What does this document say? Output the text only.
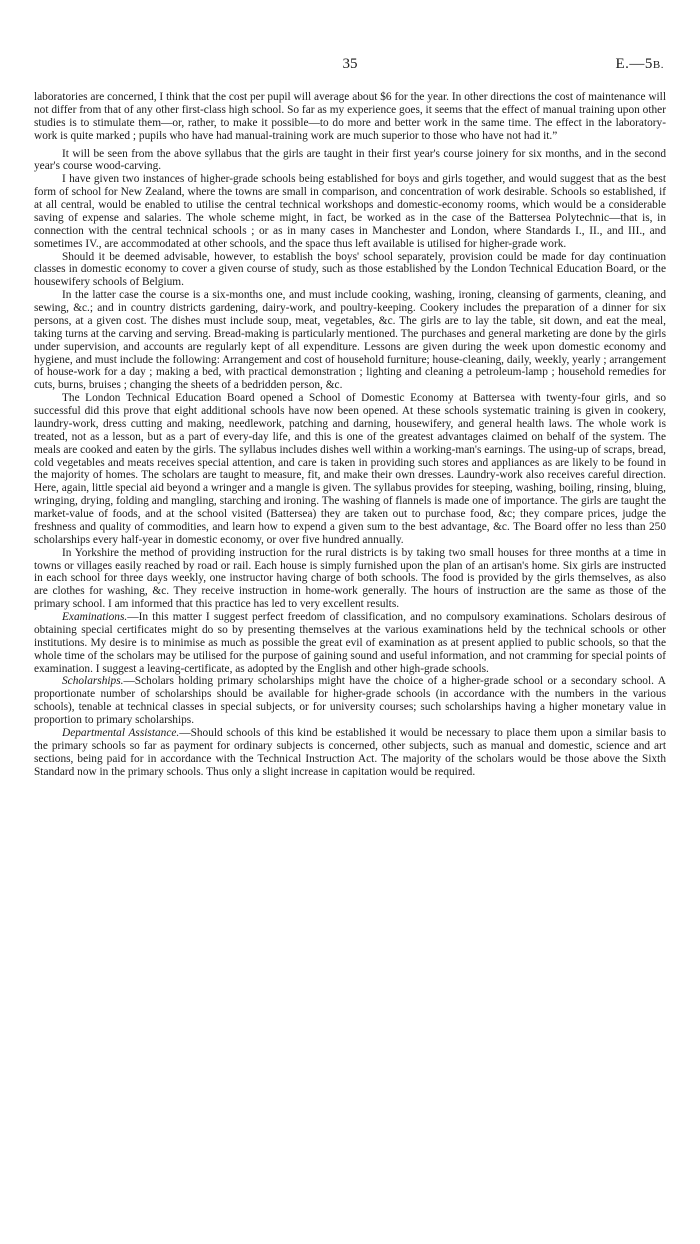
35	E.—5B.

laboratories are concerned, I think that the cost per pupil will average about $6 for the year. In other directions the cost of maintenance will not differ from that of any other first-class high school. So far as my experience goes, it seems that the effect of manual training upon other studies is to stimulate them—or, rather, to make it possible—to do more and better work in the same time. The effect in the laboratory-work is quite marked ; pupils who have had manual-training work are much superior to those who have not had it.”

It will be seen from the above syllabus that the girls are taught in their first year's course joinery for six months, and in the second year's course wood-carving.

I have given two instances of higher-grade schools being established for boys and girls together, and would suggest that as the best form of school for New Zealand, where the towns are small in comparison, and concentration of work desirable. Schools so established, if at all central, would be enabled to utilise the central technical workshops and domestic-economy rooms, which would be a considerable saving of expense and salaries. The whole scheme might, in fact, be worked as in the case of the Battersea Polytechnic—that is, in connection with the central technical schools ; or as in many cases in Manchester and London, where Standards I., II., and III., and sometimes IV., are accommodated at other schools, and the space thus left available is utilised for higher-grade work.

Should it be deemed advisable, however, to establish the boys' school separately, provision could be made for day continuation classes in domestic economy to cover a given course of study, such as those established by the London Technical Education Board, or the housewifery schools of Belgium.

In the latter case the course is a six-months one, and must include cooking, washing, ironing, cleansing of garments, cleaning, and sewing, &c.; and in country districts gardening, dairy-work, and poultry-keeping. Cookery includes the preparation of a dinner for six persons, at a given cost. The dishes must include soup, meat, vegetables, &c. The girls are to lay the table, sit down, and eat the meal, taking turns at the carving and serving. Bread-making is particularly mentioned. The purchases and general marketing are done by the girls under supervision, and accounts are regularly kept of all expenditure. Lessons are given during the week upon domestic economy and hygiene, and must include the following: Arrangement and cost of household furniture; house-cleaning, daily, weekly, yearly ; arrangement of house-work for a day ; making a bed, with practical demonstration ; lighting and cleaning a petroleum-lamp ; household remedies for cuts, burns, bruises ; changing the sheets of a bedridden person, &c.

The London Technical Education Board opened a School of Domestic Economy at Battersea with twenty-four girls, and so successful did this prove that eight additional schools have now been opened. At these schools systematic training is given in cookery, laundry-work, dress cutting and making, needlework, patching and darning, housewifery, and general health laws. The whole work is treated, not as a lesson, but as a part of every-day life, and this is one of the greatest advantages claimed on behalf of the system. The meals are cooked and eaten by the girls. The syllabus includes dishes well within a working-man's earnings. The using-up of scraps, bread, cold vegetables and meats receives special attention, and care is taken in providing such stores and appliances as are likely to be found in the majority of homes. The scholars are taught to measure, fit, and make their own dresses. Laundry-work also receives careful direction. Here, again, little special aid beyond a wringer and a mangle is given. The syllabus provides for steeping, washing, boiling, rinsing, bluing, wringing, drying, folding and mangling, starching and ironing. The washing of flannels is made one of importance. The girls are taught the market-value of foods, and at the school visited (Battersea) they are taken out to purchase food, &c; they compare prices, judge the freshness and quality of commodities, and learn how to expend a given sum to the best advantage, &c. The Board offer no less than 250 scholarships every half-year in domestic economy, or over five hundred annually.

In Yorkshire the method of providing instruction for the rural districts is by taking two small houses for three months at a time in towns or villages easily reached by road or rail. Each house is simply furnished upon the plan of an artisan's home. Six girls are instructed in each school for three days weekly, one instructor having charge of both schools. The food is provided by the girls themselves, as also are clothes for washing, &c. They receive instruction in home-work generally. The hours of instruction are the same as those of the primary school. I am informed that this practice has led to very excellent results.

Examinations.—In this matter I suggest perfect freedom of classification, and no compulsory examinations. Scholars desirous of obtaining special certificates might do so by presenting themselves at the various examinations held by the technical schools or other institutions. My desire is to minimise as much as possible the great evil of examination as at present applied to public schools, so that the whole time of the scholars may be utilised for the purpose of gaining sound and useful information, and not cramming for special points of examination. I suggest a leaving-certificate, as adopted by the English and other high-grade schools.

Scholarships.—Scholars holding primary scholarships might have the choice of a higher-grade school or a secondary school. A proportionate number of scholarships should be available for higher-grade schools (in accordance with the numbers in the various schools), tenable at technical classes in special subjects, or for university courses; such scholarships having a higher monetary value in proportion to primary scholarships.

Departmental Assistance.—Should schools of this kind be established it would be necessary to place them upon a similar basis to the primary schools so far as payment for ordinary subjects is concerned, other subjects, such as manual and domestic, science and art sections, being paid for in accordance with the Technical Instruction Act. The majority of the scholars would be those above the Sixth Standard now in the primary schools. Thus only a slight increase in capitation would be required.
